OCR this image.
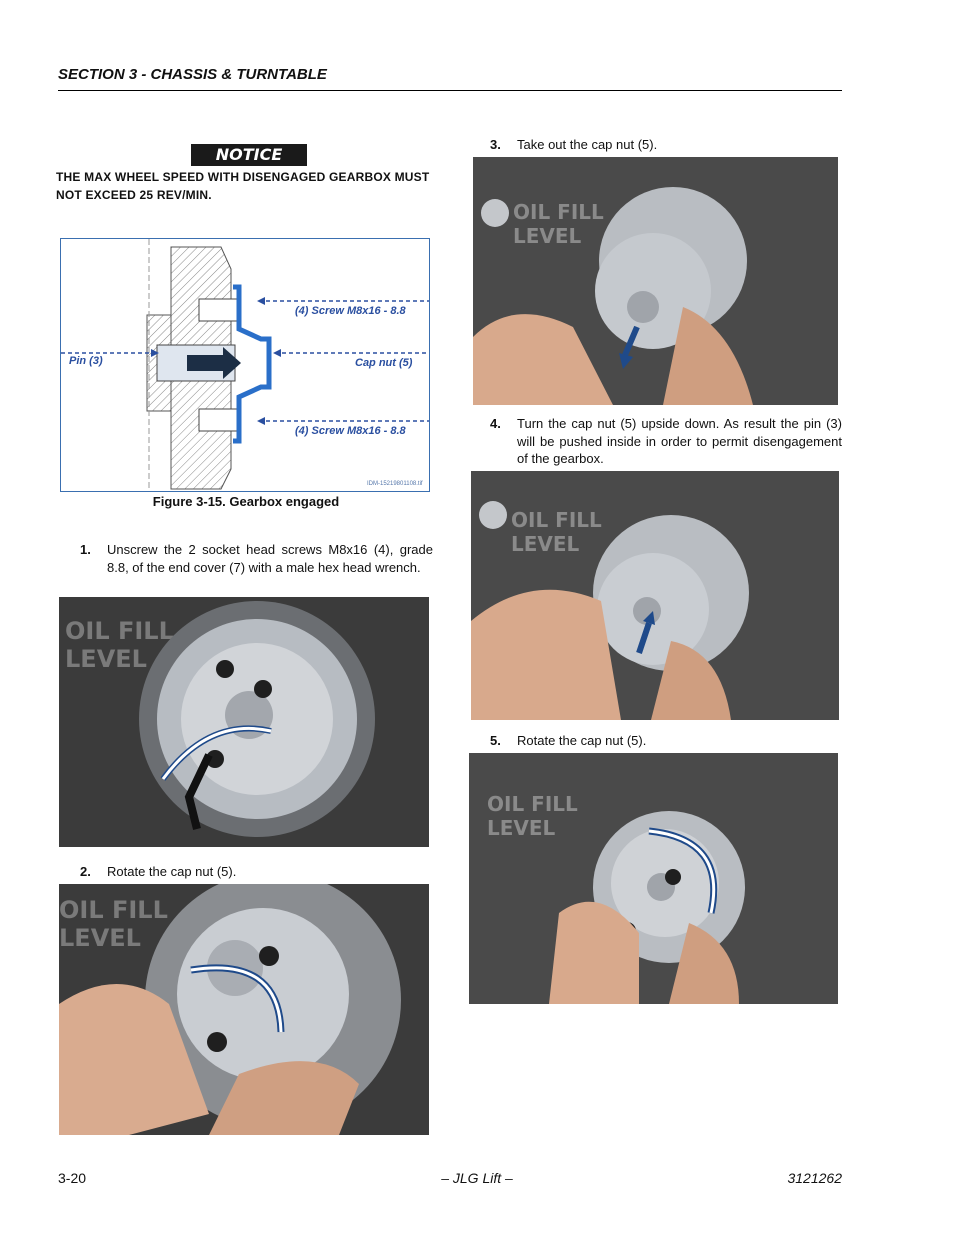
SECTION 3 - CHASSIS & TURNTABLE
NOTICE
THE MAX WHEEL SPEED WITH DISENGAGED GEARBOX MUST NOT EXCEED 25 REV/MIN.
(4) Screw M8x16 - 8.8
Cap nut (5)
Pin (3)
(4) Screw M8x16 - 8.8
IDM-15219801108.tif
Figure 3-15. Gearbox engaged
1. Unscrew the 2 socket head screws M8x16 (4), grade 8.8, of the end cover (7) with a male hex head wrench.
OIL FILL
LEVEL
2. Rotate the cap nut (5).
OIL FILL
LEVEL
3. Take out the cap nut (5).
OIL FILL
LEVEL
4. Turn the cap nut (5) upside down. As result the pin (3) will be pushed inside in order to permit disengagement of the gearbox.
OIL FILL
LEVEL
5. Rotate the cap nut (5).
OIL FILL
LEVEL
3-20	– JLG Lift –	3121262
